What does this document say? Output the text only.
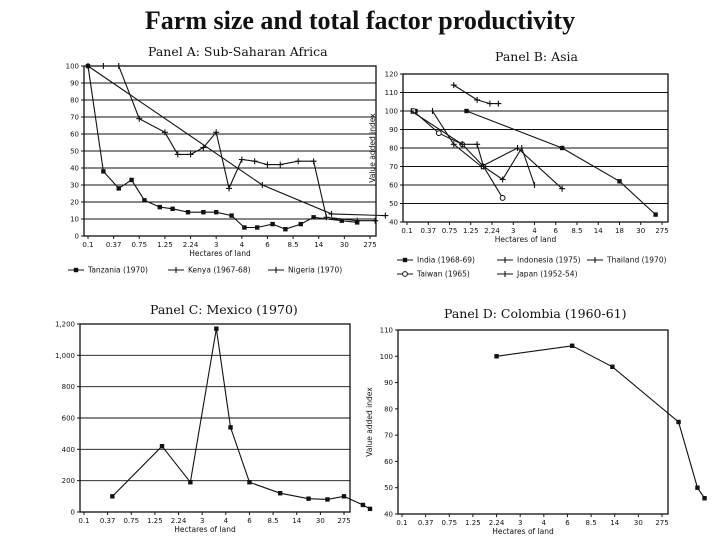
Farm size and total factor productivity
Panel A: Sub-Saharan Africa
0
10
20
30
40
50
60
70
80
90
100
0.1 0.37 0.75 1.25 2.24 3	4	6	8.5 14 30 275
Hectares of land
Tanzania (1970)	Kenya (1967-68)	Nigeria (1970)
Panel B: Asia
40
50
60
70
80
90
100
110
120
0.1 0.37 0.75 1.25 2.24 3 4 6 8.5 14 18 30 275
Hectares of land
Value added index
India (1968-69)
Taiwan (1965)
Indonesia (1975)
Japan (1952-54)
Thailand (1970)
Panel C: Mexico (1970)
0
200
400
600
800
1,000
1,200
0.1 0.37 0.75 1.25 2.24 3	4	6 8.5 14 30 275
Hectares of land
Panel D: Colombia (1960-61)
40
50
60
70
80
90
100
110
0.1 0.37 0.75 1.25 2.24 3	4	6 8.5 14 30 275
Hectares of land
Value added index
